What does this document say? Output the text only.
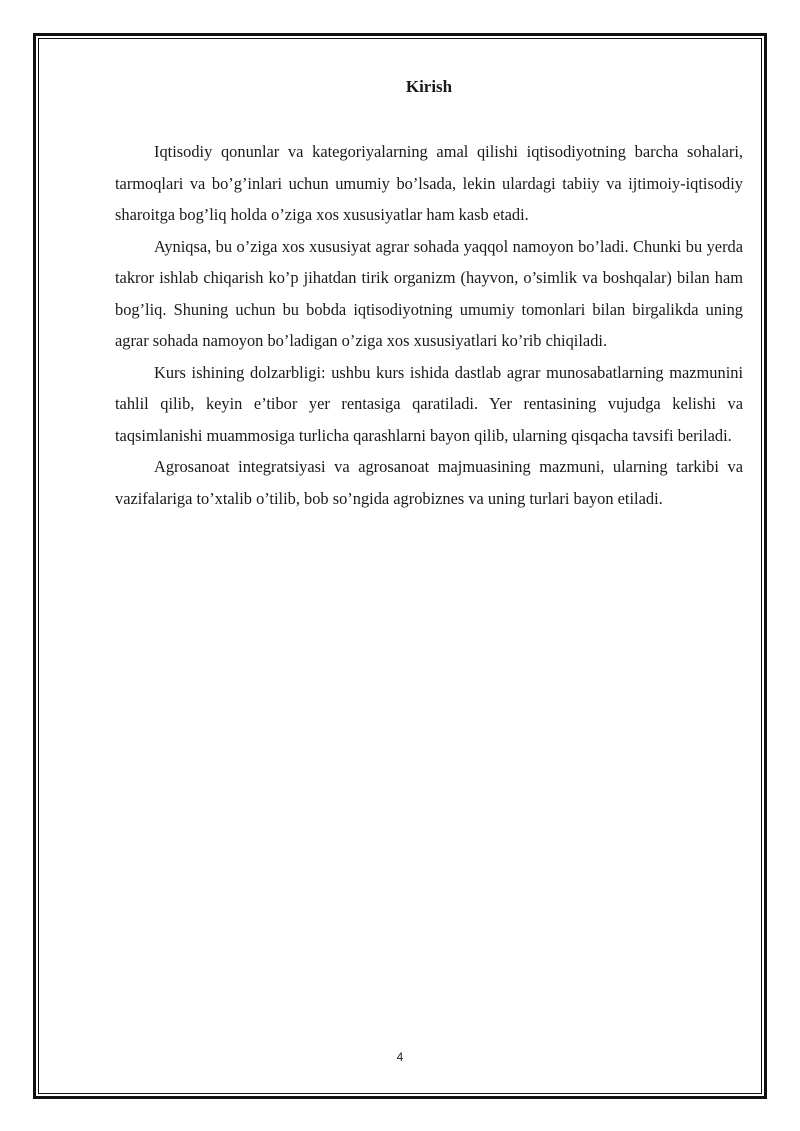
Kirish

Iqtisodiy qonunlar va kategoriyalarning amal qilishi iqtisodiyotning barcha sohalari, tarmoqlari va bo’g’inlari uchun umumiy bo’lsada, lekin ulardagi tabiiy va ijtimoiy-iqtisodiy sharoitga bog’liq holda o’ziga xos xususiyatlar ham kasb etadi.

Ayniqsa, bu o’ziga xos xususiyat agrar sohada yaqqol namoyon bo’ladi. Chunki bu yerda takror ishlab chiqarish ko’p jihatdan tirik organizm (hayvon, o’simlik va boshqalar) bilan ham bog’liq. Shuning uchun bu bobda iqtisodiyotning umumiy tomonlari bilan birgalikda uning agrar sohada namoyon bo’ladigan o’ziga xos xususiyatlari ko’rib chiqiladi.

Kurs ishining dolzarbligi: ushbu kurs ishida dastlab agrar munosabatlarning mazmunini tahlil qilib, keyin e’tibor yer rentasiga qaratiladi. Yer rentasining vujudga kelishi va taqsimlanishi muammosiga turlicha qarashlarni bayon qilib, ularning qisqacha tavsifi beriladi.

Agrosanoat integratsiyasi va agrosanoat majmuasining mazmuni, ularning tarkibi va vazifalariga to’xtalib o’tilib, bob so’ngida agrobiznes va uning turlari bayon etiladi.

4
